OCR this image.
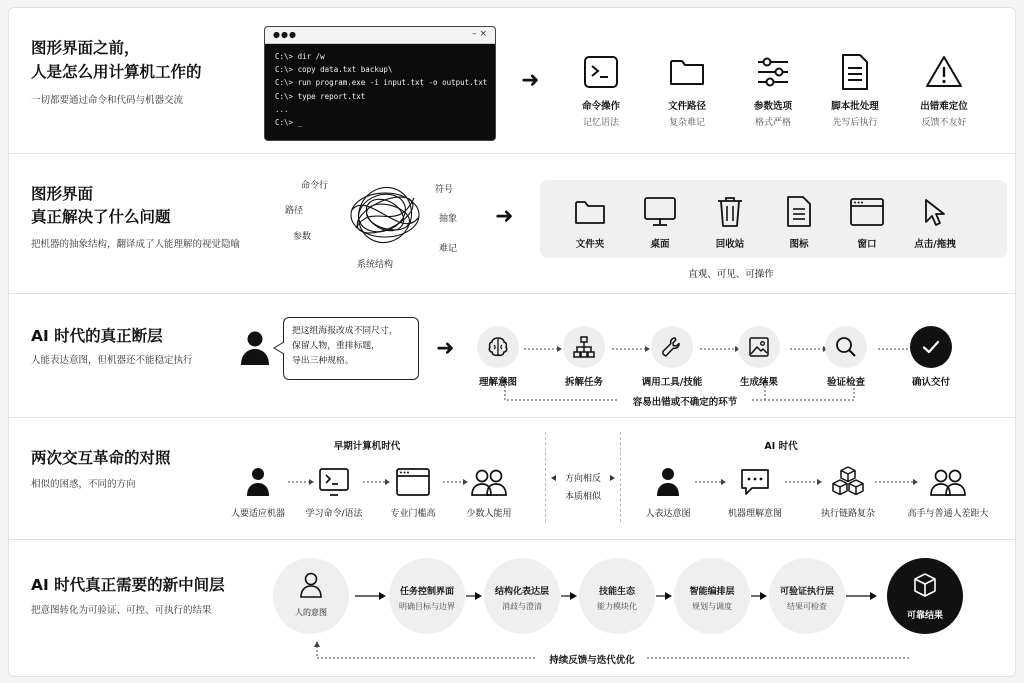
图形界面之前，
人是怎么用计算机工作的
一切都要通过命令和代码与机器交流
●●●	– ×
C:\> dir /w
C:\> copy data.txt backup\
C:\> run program.exe -i input.txt -o output.txt
C:\> type report.txt
...
C:\> _
➜
命令操作
记忆语法
文件路径
复杂难记
参数选项
格式严格
脚本批处理
先写后执行
出错难定位
反馈不友好
图形界面
真正解决了什么问题
把机器的抽象结构，翻译成了人能理解的视觉隐喻
命令行
路径
参数
符号
抽象
难记
系统结构
➜
文件夹	桌面	回收站	图标	窗口	点击/拖拽
直观、可见、可操作
AI 时代的真正断层
人能表达意图，但机器还不能稳定执行
把这组海报改成不同尺寸，
保留人物，重排标题，
导出三种规格。	➜
理解意图	拆解任务	调用工具/技能	生成结果	验证检查	确认交付
容易出错或不确定的环节
两次交互革命的对照
相似的困惑，不同的方向
早期计算机时代	AI 时代
方向相反
本质相似
人要适应机器 学习命令/语法	专业门槛高	少数人能用	人表达意图	机器理解意图	执行链路复杂	高手与普通人差距大
AI 时代真正需要的新中间层
把意图转化为可验证、可控、可执行的结果	人的意图
任务控制界面
明确目标与边界
结构化表达层
消歧与澄清
技能生态
能力模块化
智能编排层
规划与调度
可验证执行层
结果可检查
可靠结果
持续反馈与迭代优化
